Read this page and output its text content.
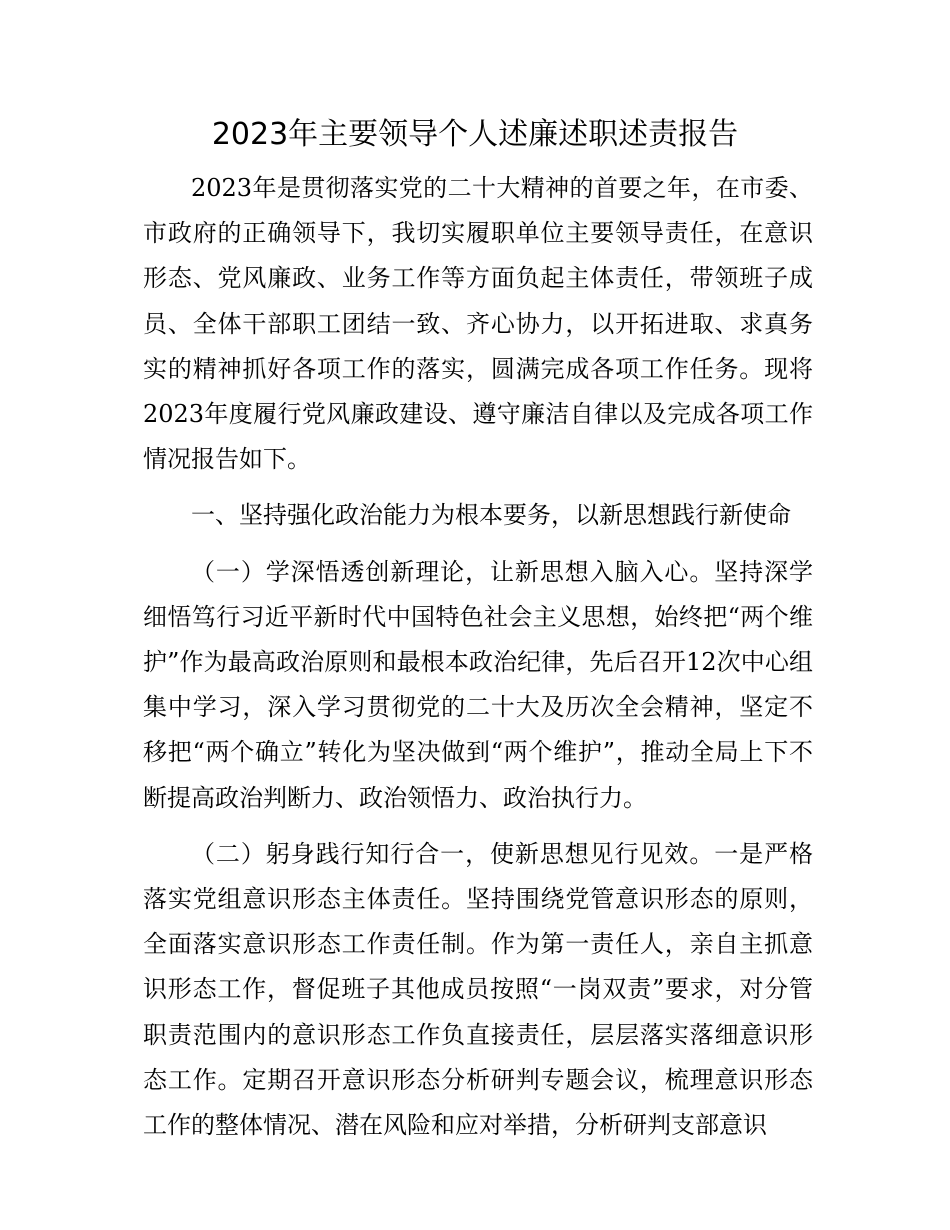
2023年主要领导个人述廉述职述责报告

2023年是贯彻落实党的二十大精神的首要之年，在市委、市政府的正确领导下，我切实履职单位主要领导责任，在意识形态、党风廉政、业务工作等方面负起主体责任，带领班子成员、全体干部职工团结一致、齐心协力，以开拓进取、求真务实的精神抓好各项工作的落实，圆满完成各项工作任务。现将2023年度履行党风廉政建设、遵守廉洁自律以及完成各项工作情况报告如下。

一、坚持强化政治能力为根本要务，以新思想践行新使命

（一）学深悟透创新理论，让新思想入脑入心。坚持深学细悟笃行习近平新时代中国特色社会主义思想，始终把“两个维护”作为最高政治原则和最根本政治纪律，先后召开12次中心组集中学习，深入学习贯彻党的二十大及历次全会精神，坚定不移把“两个确立”转化为坚决做到“两个维护”，推动全局上下不断提高政治判断力、政治领悟力、政治执行力。

（二）躬身践行知行合一，使新思想见行见效。一是严格落实党组意识形态主体责任。坚持围绕党管意识形态的原则，全面落实意识形态工作责任制。作为第一责任人，亲自主抓意识形态工作，督促班子其他成员按照“一岗双责”要求，对分管职责范围内的意识形态工作负直接责任，层层落实落细意识形态工作。定期召开意识形态分析研判专题会议，梳理意识形态工作的整体情况、潜在风险和应对举措，分析研判支部意识
